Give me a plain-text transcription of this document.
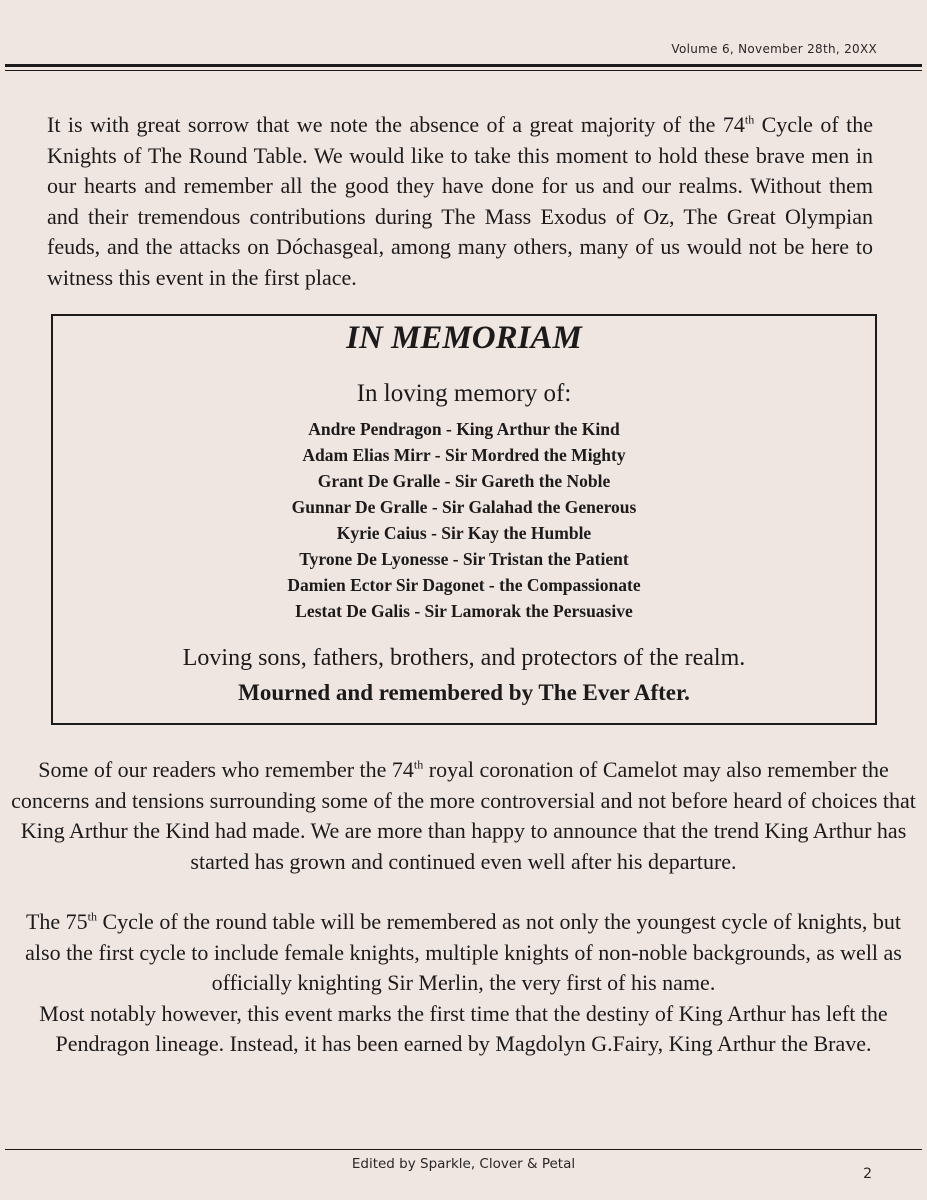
Volume 6, November 28th, 20XX

It is with great sorrow that we note the absence of a great majority of the 74th Cycle of the Knights of The Round Table. We would like to take this moment to hold these brave men in our hearts and remember all the good they have done for us and our realms. Without them and their tremendous contributions during The Mass Exodus of Oz, The Great Olympian feuds, and the attacks on Dóchasgeal, among many others, many of us would not be here to witness this event in the first place.

IN MEMORIAM
In loving memory of:
Andre Pendragon - King Arthur the Kind
Adam Elias Mirr - Sir Mordred the Mighty
Grant De Gralle - Sir Gareth the Noble
Gunnar De Gralle - Sir Galahad the Generous
Kyrie Caius - Sir Kay the Humble
Tyrone De Lyonesse - Sir Tristan the Patient
Damien Ector Sir Dagonet - the Compassionate
Lestat De Galis - Sir Lamorak the Persuasive
Loving sons, fathers, brothers, and protectors of the realm.
Mourned and remembered by The Ever After.

Some of our readers who remember the 74th royal coronation of Camelot may also remember the concerns and tensions surrounding some of the more controversial and not before heard of choices that King Arthur the Kind had made. We are more than happy to announce that the trend King Arthur has started has grown and continued even well after his departure.

The 75th Cycle of the round table will be remembered as not only the youngest cycle of knights, but also the first cycle to include female knights, multiple knights of non-noble backgrounds, as well as officially knighting Sir Merlin, the very first of his name.
Most notably however, this event marks the first time that the destiny of King Arthur has left the Pendragon lineage. Instead, it has been earned by Magdolyn G.Fairy, King Arthur the Brave.

Edited by Sparkle, Clover & Petal
2
